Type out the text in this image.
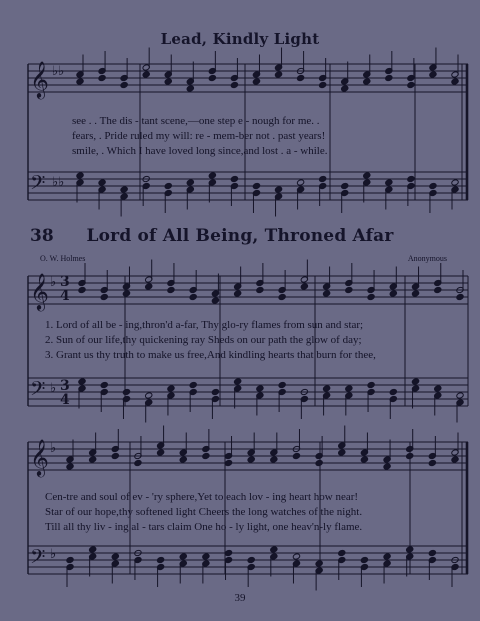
𝄞
𝄢
𝄞
𝄢
𝄞
𝄢
♭♭
♭♭
♭
♭
♭
♭
3
4
3
4
Lead, Kindly Light
see . . The dis - tant scene,—one step e - nough for me. .
fears, . Pride ruled my will: re - mem-ber not . past years!
smile, . Which I have loved long since,and lost . a - while.
38	Lord of All Being, Throned Afar
O. W. Holmes	Anonymous
1. Lord of all be - ing,thron'd a-far, Thy glo-ry flames from sun and star;
2. Sun of our life,thy quickening ray Sheds on our path the glow of day;
3. Grant us thy truth to make us free,And kindling hearts that burn for thee,
Cen-tre and soul of ev - 'ry sphere,Yet to each lov - ing heart how near!
Star of our hope,thy softened light Cheers the long watches of the night.
Till all thy liv - ing al - tars claim One ho - ly light, one heav'n-ly flame.
39
